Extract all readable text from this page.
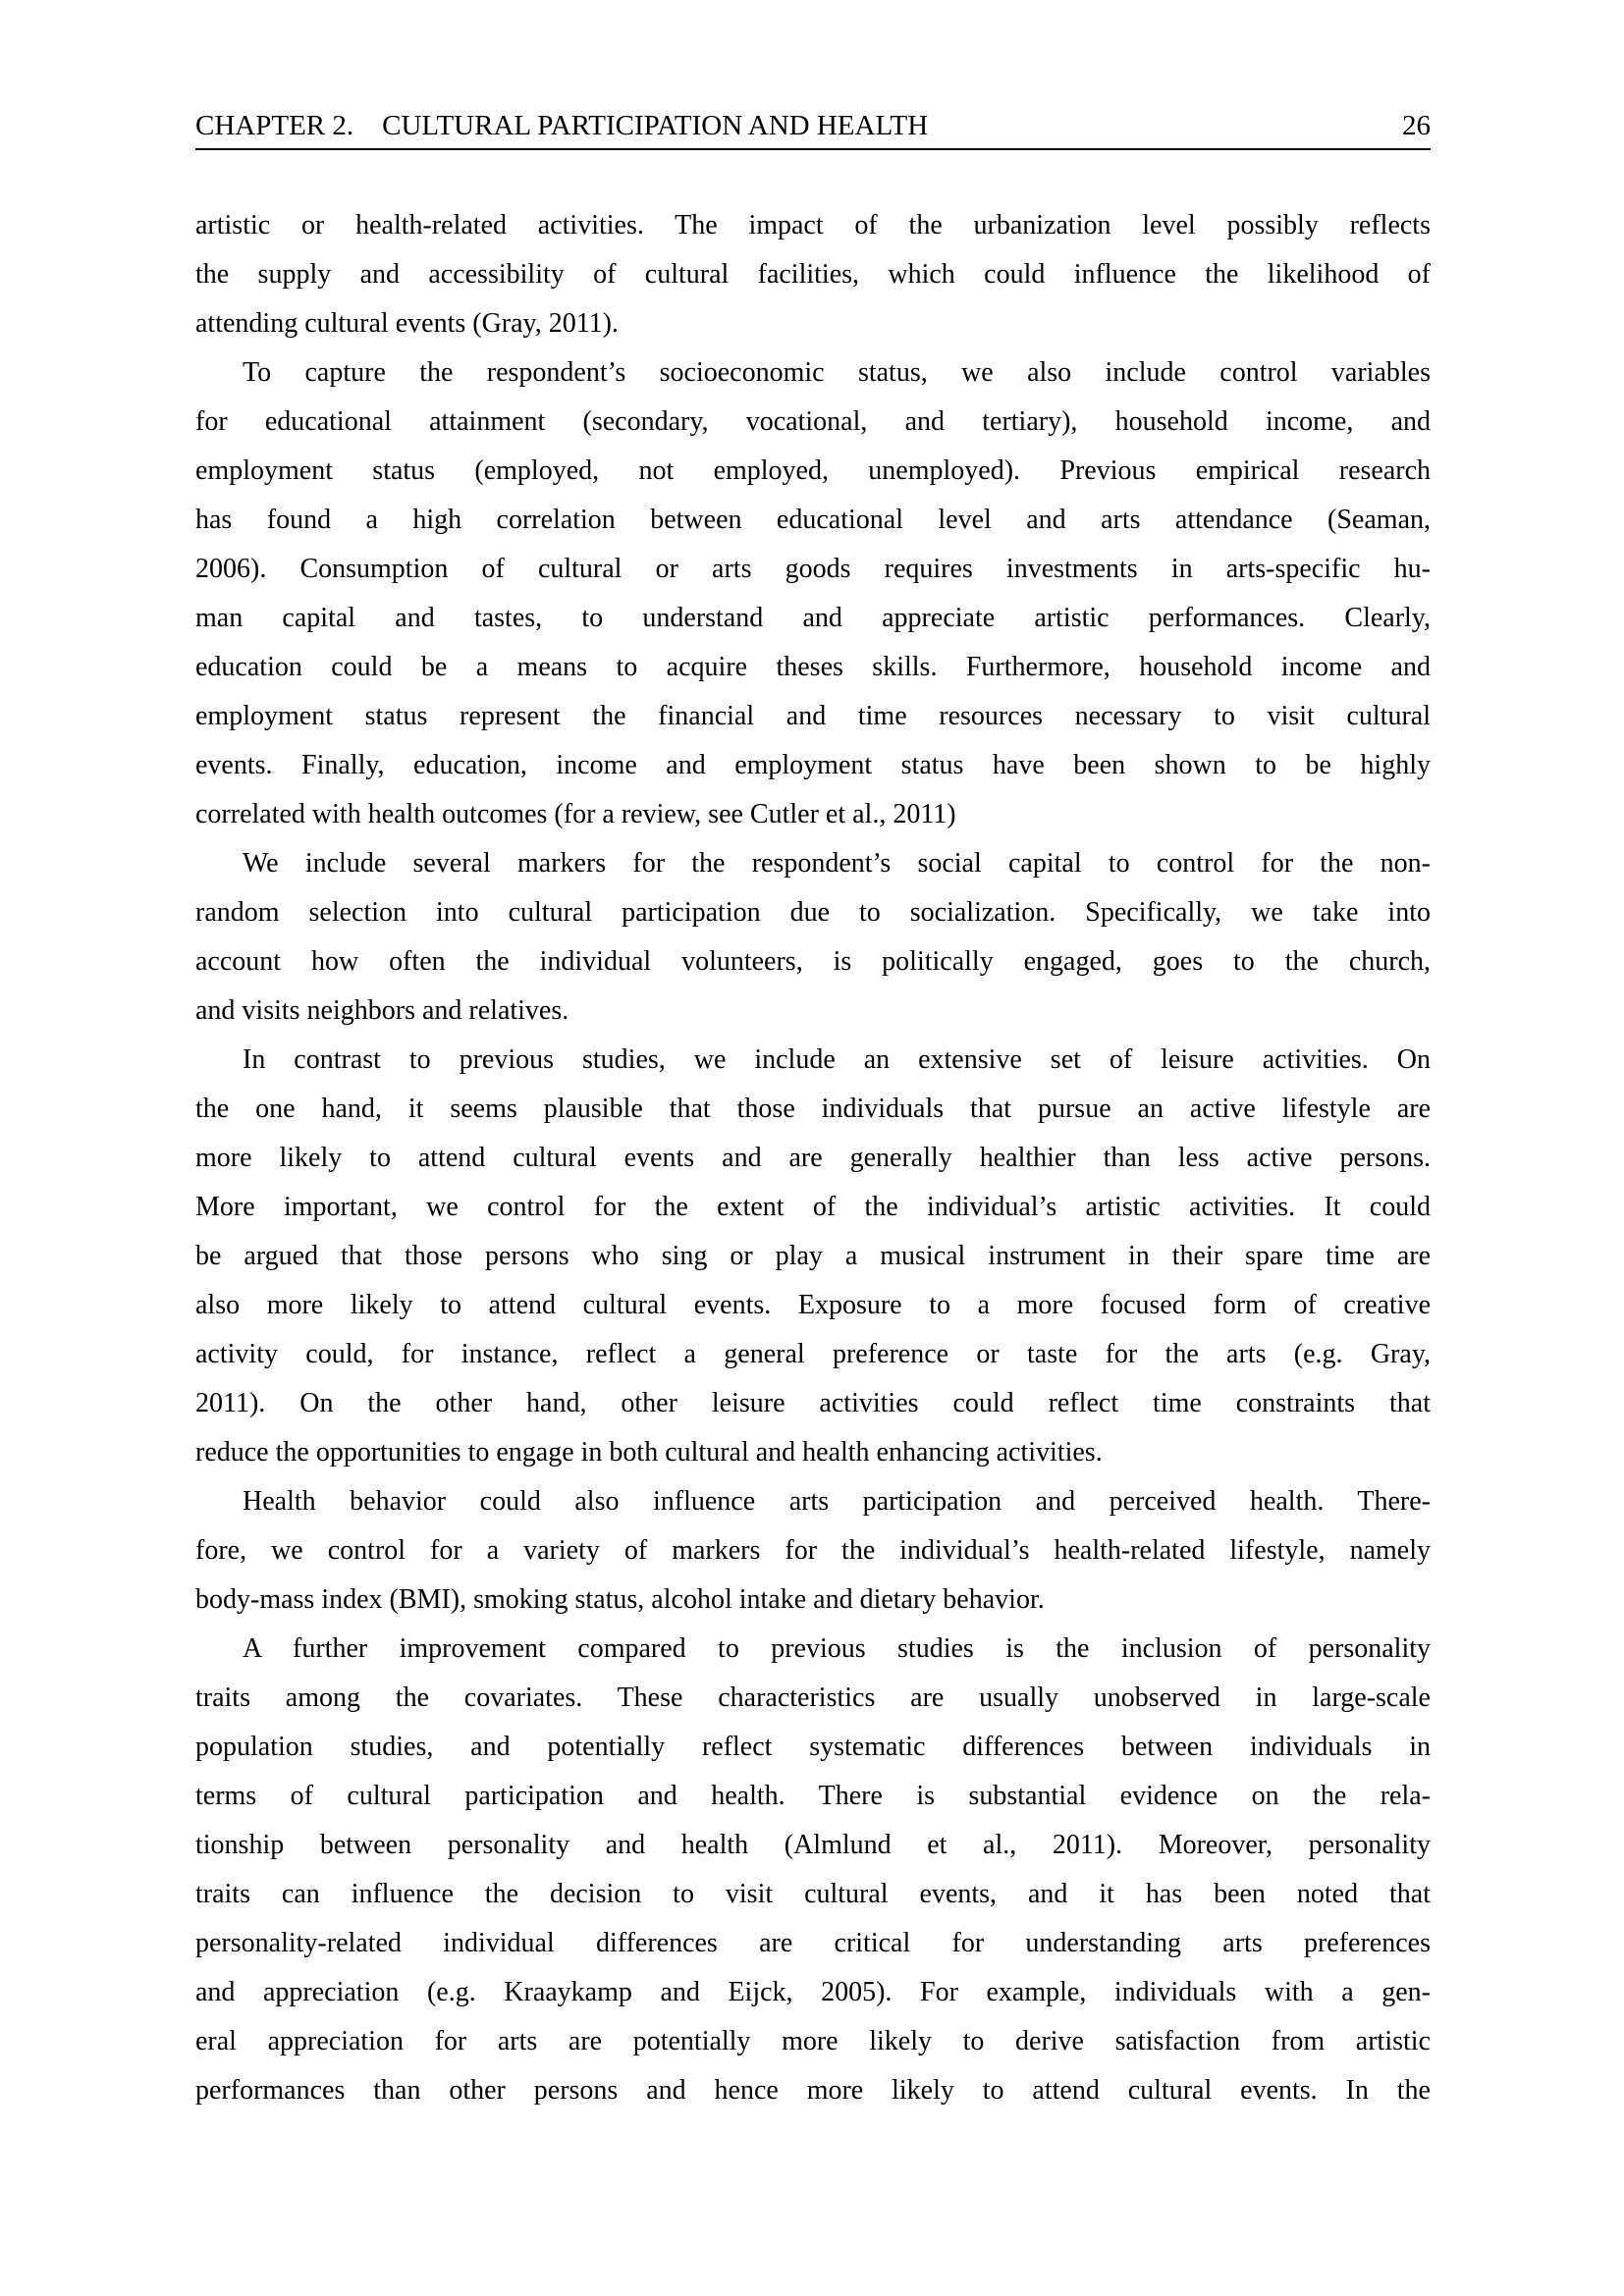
CHAPTER 2. CULTURAL PARTICIPATION AND HEALTH	26
artistic or health-related activities. The impact of the urbanization level possibly reflects
the supply and accessibility of cultural facilities, which could influence the likelihood of
attending cultural events (Gray, 2011).
To capture the respondent’s socioeconomic status, we also include control variables
for educational attainment (secondary, vocational, and tertiary), household income, and
employment status (employed, not employed, unemployed). Previous empirical research
has found a high correlation between educational level and arts attendance (Seaman,
2006). Consumption of cultural or arts goods requires investments in arts-specific hu-
man capital and tastes, to understand and appreciate artistic performances. Clearly,
education could be a means to acquire theses skills. Furthermore, household income and
employment status represent the financial and time resources necessary to visit cultural
events. Finally, education, income and employment status have been shown to be highly
correlated with health outcomes (for a review, see Cutler et al., 2011)
We include several markers for the respondent’s social capital to control for the non-
random selection into cultural participation due to socialization. Specifically, we take into
account how often the individual volunteers, is politically engaged, goes to the church,
and visits neighbors and relatives.
In contrast to previous studies, we include an extensive set of leisure activities. On
the one hand, it seems plausible that those individuals that pursue an active lifestyle are
more likely to attend cultural events and are generally healthier than less active persons.
More important, we control for the extent of the individual’s artistic activities. It could
be argued that those persons who sing or play a musical instrument in their spare time are
also more likely to attend cultural events. Exposure to a more focused form of creative
activity could, for instance, reflect a general preference or taste for the arts (e.g. Gray,
2011). On the other hand, other leisure activities could reflect time constraints that
reduce the opportunities to engage in both cultural and health enhancing activities.
Health behavior could also influence arts participation and perceived health. There-
fore, we control for a variety of markers for the individual’s health-related lifestyle, namely
body-mass index (BMI), smoking status, alcohol intake and dietary behavior.
A further improvement compared to previous studies is the inclusion of personality
traits among the covariates. These characteristics are usually unobserved in large-scale
population studies, and potentially reflect systematic differences between individuals in
terms of cultural participation and health. There is substantial evidence on the rela-
tionship between personality and health (Almlund et al., 2011). Moreover, personality
traits can influence the decision to visit cultural events, and it has been noted that
personality-related individual differences are critical for understanding arts preferences
and appreciation (e.g. Kraaykamp and Eijck, 2005). For example, individuals with a gen-
eral appreciation for arts are potentially more likely to derive satisfaction from artistic
performances than other persons and hence more likely to attend cultural events. In the
